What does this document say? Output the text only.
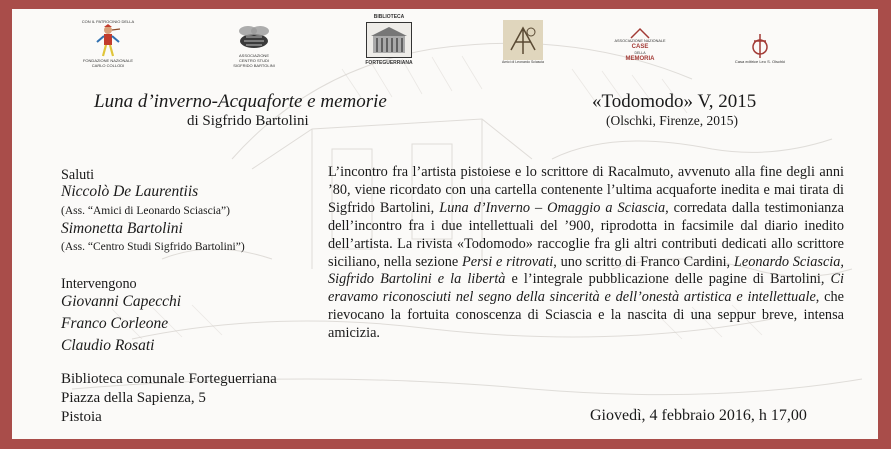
CON IL PATROCINIO DELLA
FONDAZIONE NAZIONALE
CARLO COLLODI
ASSOCIAZIONE
CENTRO STUDI
SIGFRIDO BARTOLINI
BIBLIOTECA
FORTEGUERRIANA	Amici di Leonardo Sciascia
ASSOCIAZIONE NAZIONALE
CASE
DELLA
MEMORIA	Casa editrice Leo S. Olschki
Luna d’inverno-Acquaforte e memorie
di Sigfrido Bartolini
«Todomodo» V, 2015
(Olschki, Firenze, 2015)
Saluti
Niccolò De Laurentiis
(Ass. “Amici di Leonardo Sciascia”)
Simonetta Bartolini
(Ass. “Centro Studi Sigfrido Bartolini”)
Intervengono
Giovanni Capecchi
Franco Corleone
Claudio Rosati
Biblioteca comunale Forteguerriana
Piazza della Sapienza, 5
Pistoia
L’incontro fra l’artista pistoiese e lo scrittore di Racalmuto, avvenuto alla fine degli anni ’80, viene ricordato con una cartella contenente l’ultima acquaforte inedita e mai tirata di Sigfrido Bartolini, Luna d’Inverno – Omaggio a Sciascia, corredata dalla testimonianza dell’incontro fra i due intellettuali del ’900, riprodotta in facsimile dal diario inedito dell’artista. La rivista «Todomodo» raccoglie fra gli altri contributi dedicati allo scrittore siciliano, nella sezione Persi e ritrovati, uno scritto di Franco Cardini, Leonardo Sciascia, Sigfrido Bartolini e la libertà e l’integrale pubblicazione delle pagine di Bartolini, Ci eravamo riconosciuti nel segno della sincerità e dell’onestà artistica e intellettuale, che rievocano la fortuita conoscenza di Sciascia e la nascita di una seppur breve, intensa amicizia.
Giovedì, 4 febbraio 2016, h 17,00
